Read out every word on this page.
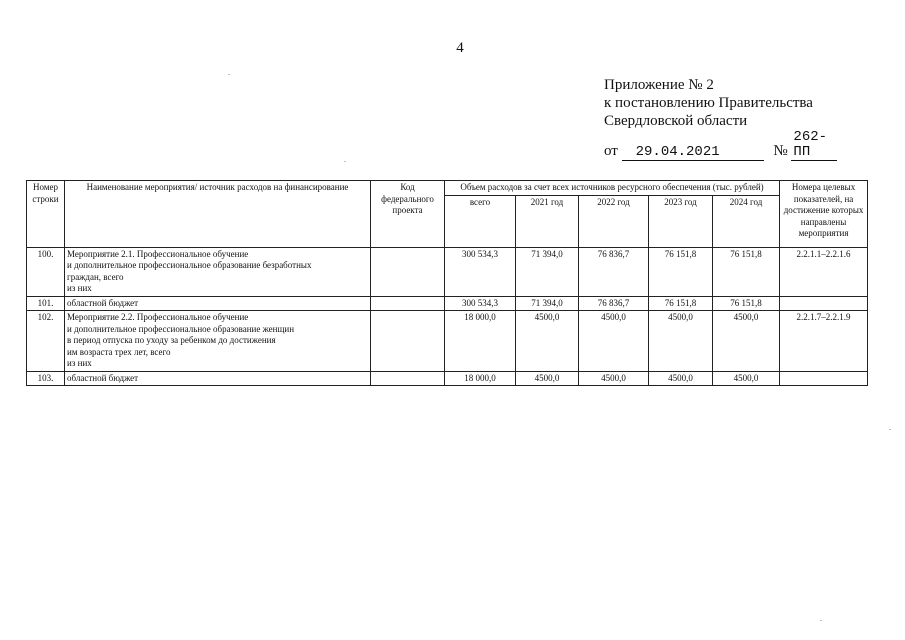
4
Приложение № 2
к постановлению Правительства
Свердловской области
от 29.04.2021	№ 262-ПП
Номер строки	Наименование мероприятия/ источник расходов на финансирование	Код федерального проекта	Объем расходов за счет всех источников ресурсного обеспечения (тыс. рублей)					Номера целевых показателей, на достижение которых направлены мероприятия
			всего	2021 год	2022 год	2023 год	2024 год	
100.	Мероприятие 2.1. Профессиональное обучение
и дополнительное профессиональное образование безработных
граждан, всего
из них		300 534,3	71 394,0	76 836,7	76 151,8	76 151,8	2.2.1.1–2.2.1.6
101.	областной бюджет		300 534,3	71 394,0	76 836,7	76 151,8	76 151,8	
102.	Мероприятие 2.2. Профессиональное обучение
и дополнительное профессиональное образование женщин
в период отпуска по уходу за ребенком до достижения
им возраста трех лет, всего
из них		18 000,0	4500,0	4500,0	4500,0	4500,0	2.2.1.7–2.2.1.9
103.	областной бюджет		18 000,0	4500,0	4500,0	4500,0	4500,0	
